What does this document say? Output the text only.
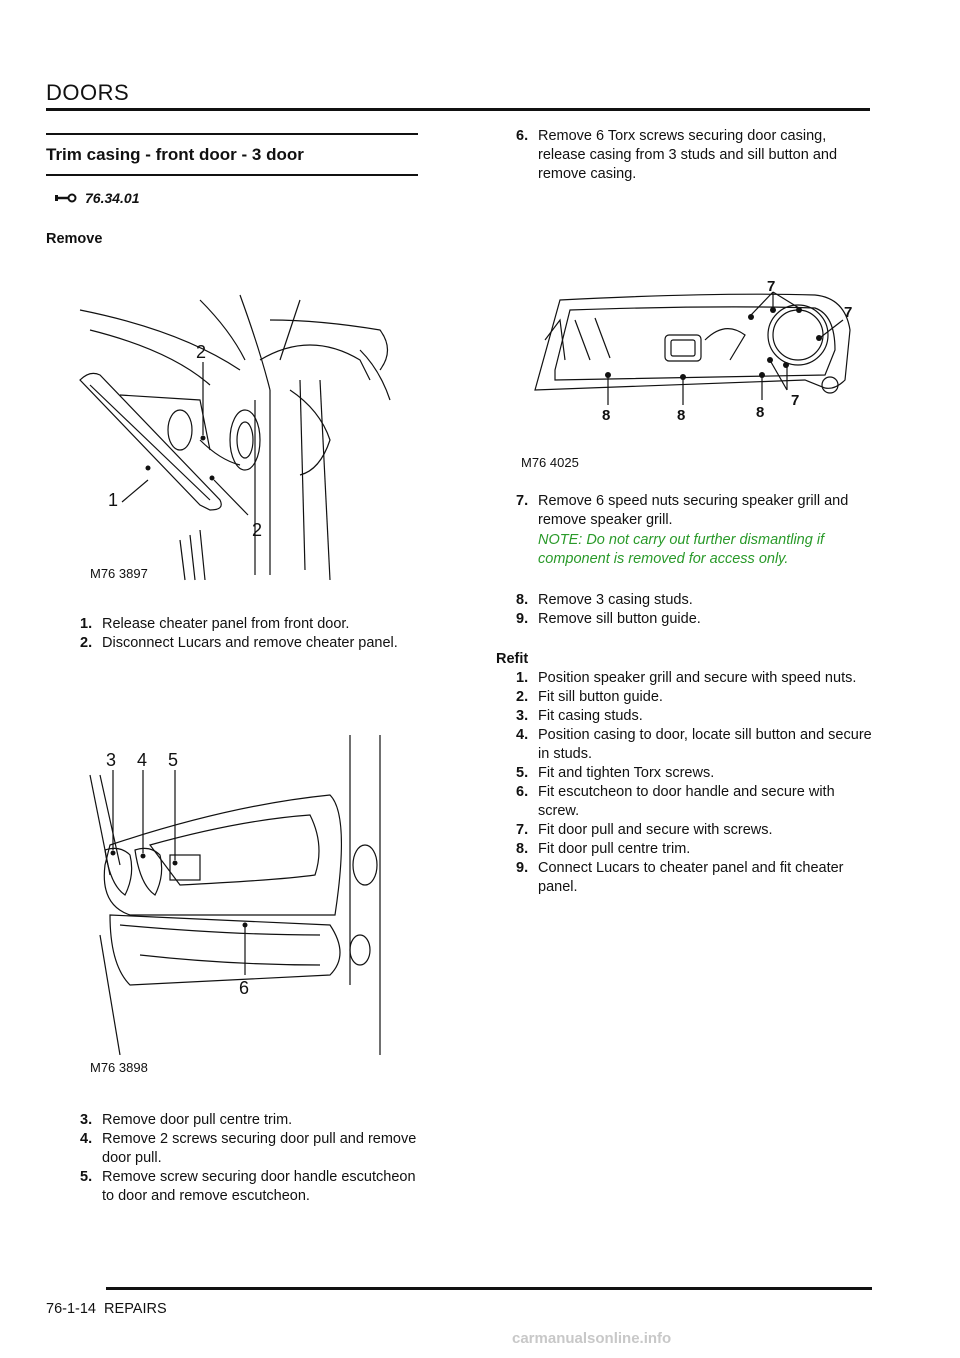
DOORS
Trim casing - front door - 3 door
76.34.01
Remove
2
1
2
M76 3897
1. Release cheater panel from front door.
2. Disconnect Lucars and remove cheater panel.
3 4 5
6
M76 3898
3. Remove door pull centre trim.
4. Remove 2 screws securing door pull and remove door pull.
5. Remove screw securing door handle escutcheon to door and remove escutcheon.
6. Remove 6 Torx screws securing door casing, release casing from 3 studs and sill button and remove casing.
7
7
7
8	8	8
M76 4025
7. Remove 6 speed nuts securing speaker grill and remove speaker grill.
NOTE: Do not carry out further dismantling if component is removed for access only.
8. Remove 3 casing studs.
9. Remove sill button guide.
Refit
1. Position speaker grill and secure with speed nuts.
2. Fit sill button guide.
3. Fit casing studs.
4. Position casing to door, locate sill button and secure in studs.
5. Fit and tighten Torx screws.
6. Fit escutcheon to door handle and secure with screw.
7. Fit door pull and secure with screws.
8. Fit door pull centre trim.
9. Connect Lucars to cheater panel and fit cheater panel.
76-1-14 REPAIRS
carmanualsonline.info
